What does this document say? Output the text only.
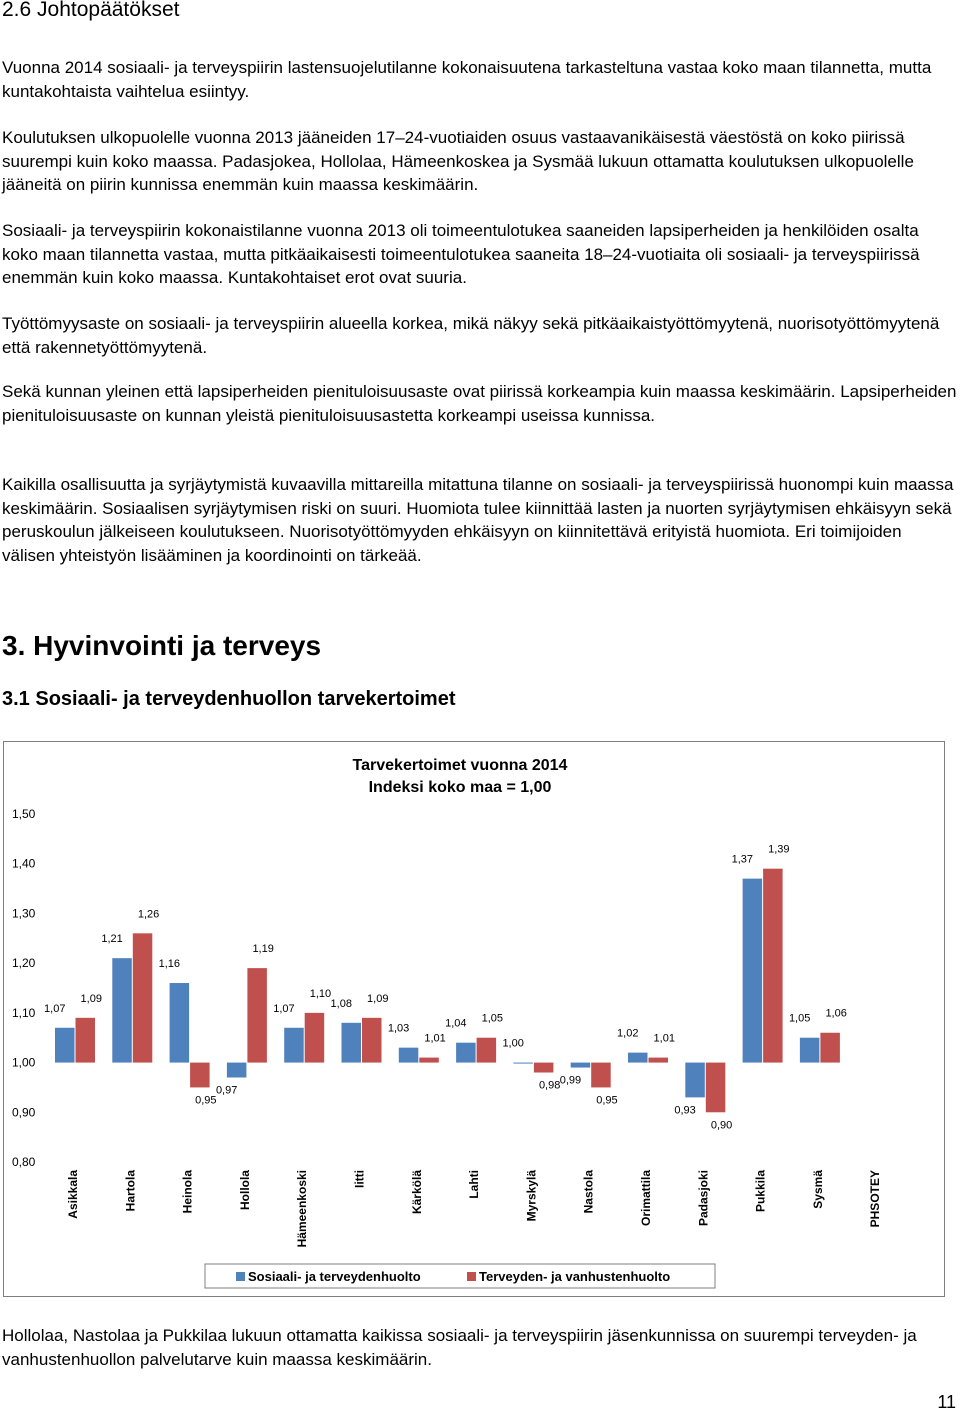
2.6 Johtopäätökset

Vuonna 2014 sosiaali- ja terveyspiirin lastensuojelutilanne kokonaisuutena tarkasteltuna vastaa koko maan tilannetta, mutta kuntakohtaista vaihtelua esiintyy.

Koulutuksen ulkopuolelle vuonna 2013 jääneiden 17–24-vuotiaiden osuus vastaavanikäisestä väestöstä on koko piirissä suurempi kuin koko maassa. Padasjokea, Hollolaa, Hämeenkoskea ja Sysmää lukuun ottamatta koulutuksen ulkopuolelle jääneitä on piirin kunnissa enemmän kuin maassa keskimäärin.

Sosiaali- ja terveyspiirin kokonaistilanne vuonna 2013 oli toimeentulotukea saaneiden lapsiperheiden ja henkilöiden osalta koko maan tilannetta vastaa, mutta pitkäaikaisesti toimeentulotukea saaneita 18–24-vuotiaita oli sosiaali- ja terveyspiirissä enemmän kuin koko maassa. Kuntakohtaiset erot ovat suuria.

Työttömyysaste on sosiaali- ja terveyspiirin alueella korkea, mikä näkyy sekä pitkäaikaistyöttömyytenä, nuorisotyöttömyytenä että rakennetyöttömyytenä.

Sekä kunnan yleinen että lapsiperheiden pienituloisuusaste ovat piirissä korkeampia kuin maassa keskimäärin. Lapsiperheiden pienituloisuusaste on kunnan yleistä pienituloisuusastetta korkeampi useissa kunnissa.

Kaikilla osallisuutta ja syrjäytymistä kuvaavilla mittareilla mitattuna tilanne on sosiaali- ja terveyspiirissä huonompi kuin maassa keskimäärin. Sosiaalisen syrjäytymisen riski on suuri. Huomiota tulee kiinnittää lasten ja nuorten syrjäytymisen ehkäisyyn sekä peruskoulun jälkeiseen koulutukseen. Nuorisotyöttömyyden ehkäisyyn on kiinnitettävä erityistä huomiota. Eri toimijoiden välisen yhteistyön lisääminen ja koordinointi on tärkeää.

3. Hyvinvointi ja terveys
3.1 Sosiaali- ja terveydenhuollon tarvekertoimet
Tarvekertoimet vuonna 2014
Indeksi koko maa = 1,00
0,80
0,90
1,00
1,10
1,20
1,30
1,40
1,50
1,07
1,09
Asikkala
1,21
1,26
Hartola
1,16
0,95
Heinola
0,97
1,19
Hollola
1,07
1,10
Hämeenkoski
1,08 1,09
Iitti
1,03
1,01
Kärkölä
1,04 1,05
Lahti
1,00
0,98
Myrskylä
0,99
0,95
Nastola
1,02 1,01
Orimattila
0,93
0,90
Padasjoki
1,37
1,39
Pukkila
1,05 1,06
Sysmä	PHSOTEY
Sosiaali- ja terveydenhuolto	Terveyden- ja vanhustenhuolto

Hollolaa, Nastolaa ja Pukkilaa lukuun ottamatta kaikissa sosiaali- ja terveyspiirin jäsenkunnissa on suurempi terveyden- ja vanhustenhuollon palvelutarve kuin maassa keskimäärin.

11
